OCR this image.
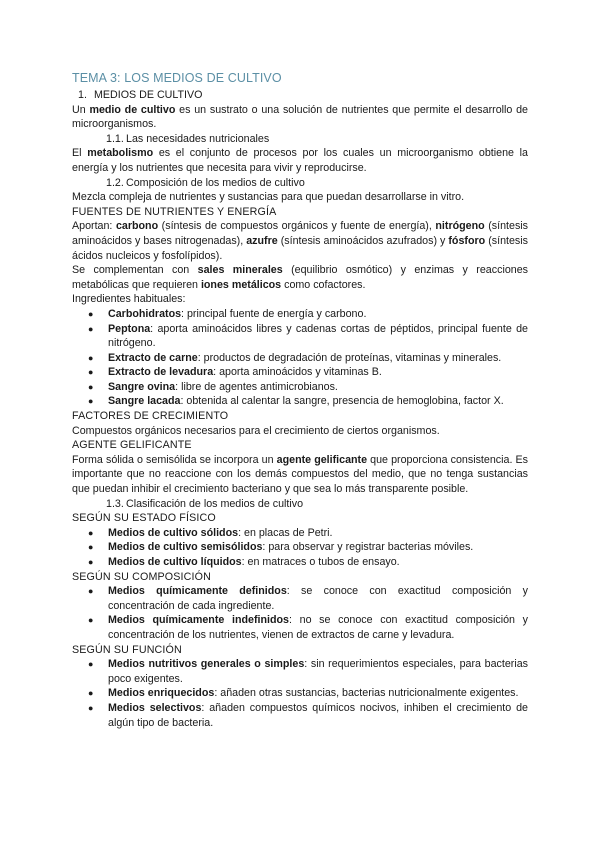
TEMA 3: LOS MEDIOS DE CULTIVO
1. MEDIOS DE CULTIVO

Un medio de cultivo es un sustrato o una solución de nutrientes que permite el desarrollo de microorganismos.

1.1. Las necesidades nutricionales

El metabolismo es el conjunto de procesos por los cuales un microorganismo obtiene la energía y los nutrientes que necesita para vivir y reproducirse.

1.2. Composición de los medios de cultivo

Mezcla compleja de nutrientes y sustancias para que puedan desarrollarse in vitro.

FUENTES DE NUTRIENTES Y ENERGÍA

Aportan: carbono (síntesis de compuestos orgánicos y fuente de energía), nitrógeno (síntesis aminoácidos y bases nitrogenadas), azufre (síntesis aminoácidos azufrados) y fósforo (síntesis ácidos nucleicos y fosfolípidos).

Se complementan con sales minerales (equilibrio osmótico) y enzimas y reacciones metabólicas que requieren iones metálicos como cofactores.

Ingredientes habituales:

● Carbohidratos: principal fuente de energía y carbono.
● Peptona: aporta aminoácidos libres y cadenas cortas de péptidos, principal fuente de nitrógeno.
● Extracto de carne: productos de degradación de proteínas, vitaminas y minerales.
● Extracto de levadura: aporta aminoácidos y vitaminas B.
● Sangre ovina: libre de agentes antimicrobianos.
● Sangre lacada: obtenida al calentar la sangre, presencia de hemoglobina, factor X.
FACTORES DE CRECIMIENTO

Compuestos orgánicos necesarios para el crecimiento de ciertos organismos.

AGENTE GELIFICANTE

Forma sólida o semisólida se incorpora un agente gelificante que proporciona consistencia. Es importante que no reaccione con los demás compuestos del medio, que no tenga sustancias que puedan inhibir el crecimiento bacteriano y que sea lo más transparente posible.

1.3. Clasificación de los medios de cultivo
SEGÚN SU ESTADO FÍSICO
● Medios de cultivo sólidos: en placas de Petri.
● Medios de cultivo semisólidos: para observar y registrar bacterias móviles.
● Medios de cultivo líquidos: en matraces o tubos de ensayo.
SEGÚN SU COMPOSICIÓN
● Medios químicamente definidos: se conoce con exactitud composición y concentración de cada ingrediente.
● Medios químicamente indefinidos: no se conoce con exactitud composición y concentración de los nutrientes, vienen de extractos de carne y levadura.
SEGÚN SU FUNCIÓN
● Medios nutritivos generales o simples: sin requerimientos especiales, para bacterias poco exigentes.
● Medios enriquecidos: añaden otras sustancias, bacterias nutricionalmente exigentes.
● Medios selectivos: añaden compuestos químicos nocivos, inhiben el crecimiento de algún tipo de bacteria.
